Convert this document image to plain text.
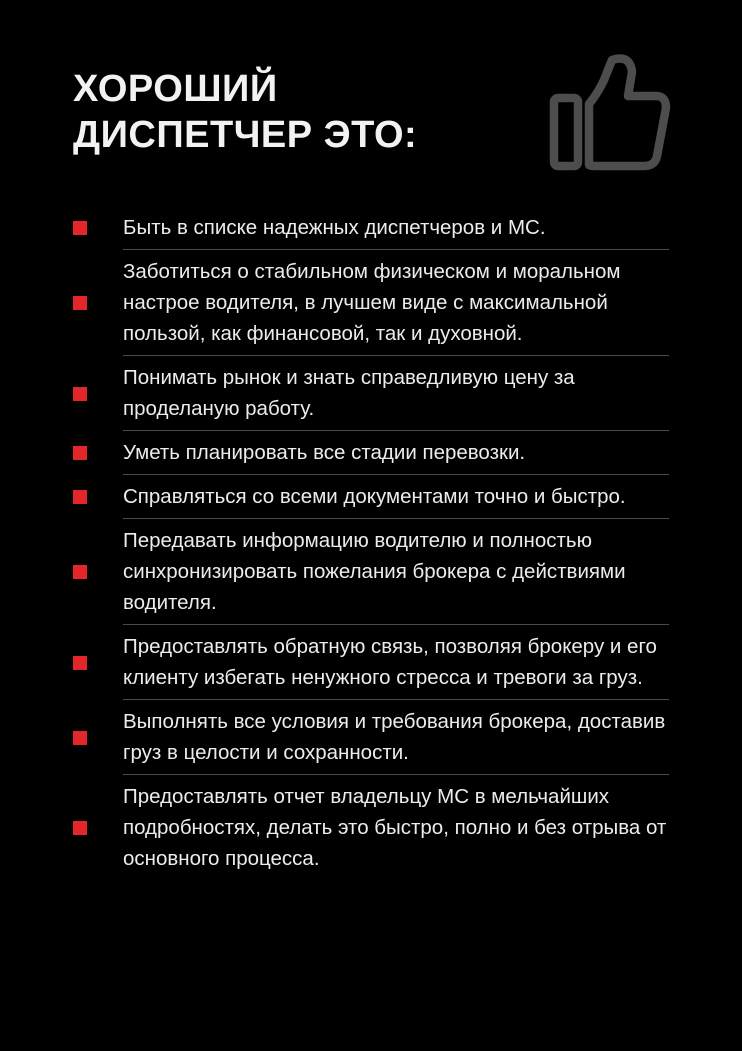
ХОРОШИЙ
ДИСПЕТЧЕР ЭТО:
Быть в списке надежных диспетчеров и МС.
Заботиться о стабильном физическом и моральном настрое водителя, в лучшем виде с максимальной пользой, как финансовой, так и духовной.
Понимать рынок и знать справедливую цену за проделаную работу.
Уметь планировать все стадии перевозки.
Справляться со всеми документами точно и быстро.
Передавать информацию водителю и полностью синхронизировать пожелания брокера с действиями водителя.
Предоставлять обратную связь, позволяя брокеру и его клиенту избегать ненужного стресса и тревоги за груз.
Выполнять все условия и требования брокера, доставив груз в целости и сохранности.
Предоставлять отчет владельцу МС в мельчайших подробностях, делать это быстро, полно и без отрыва от основного процесса.
